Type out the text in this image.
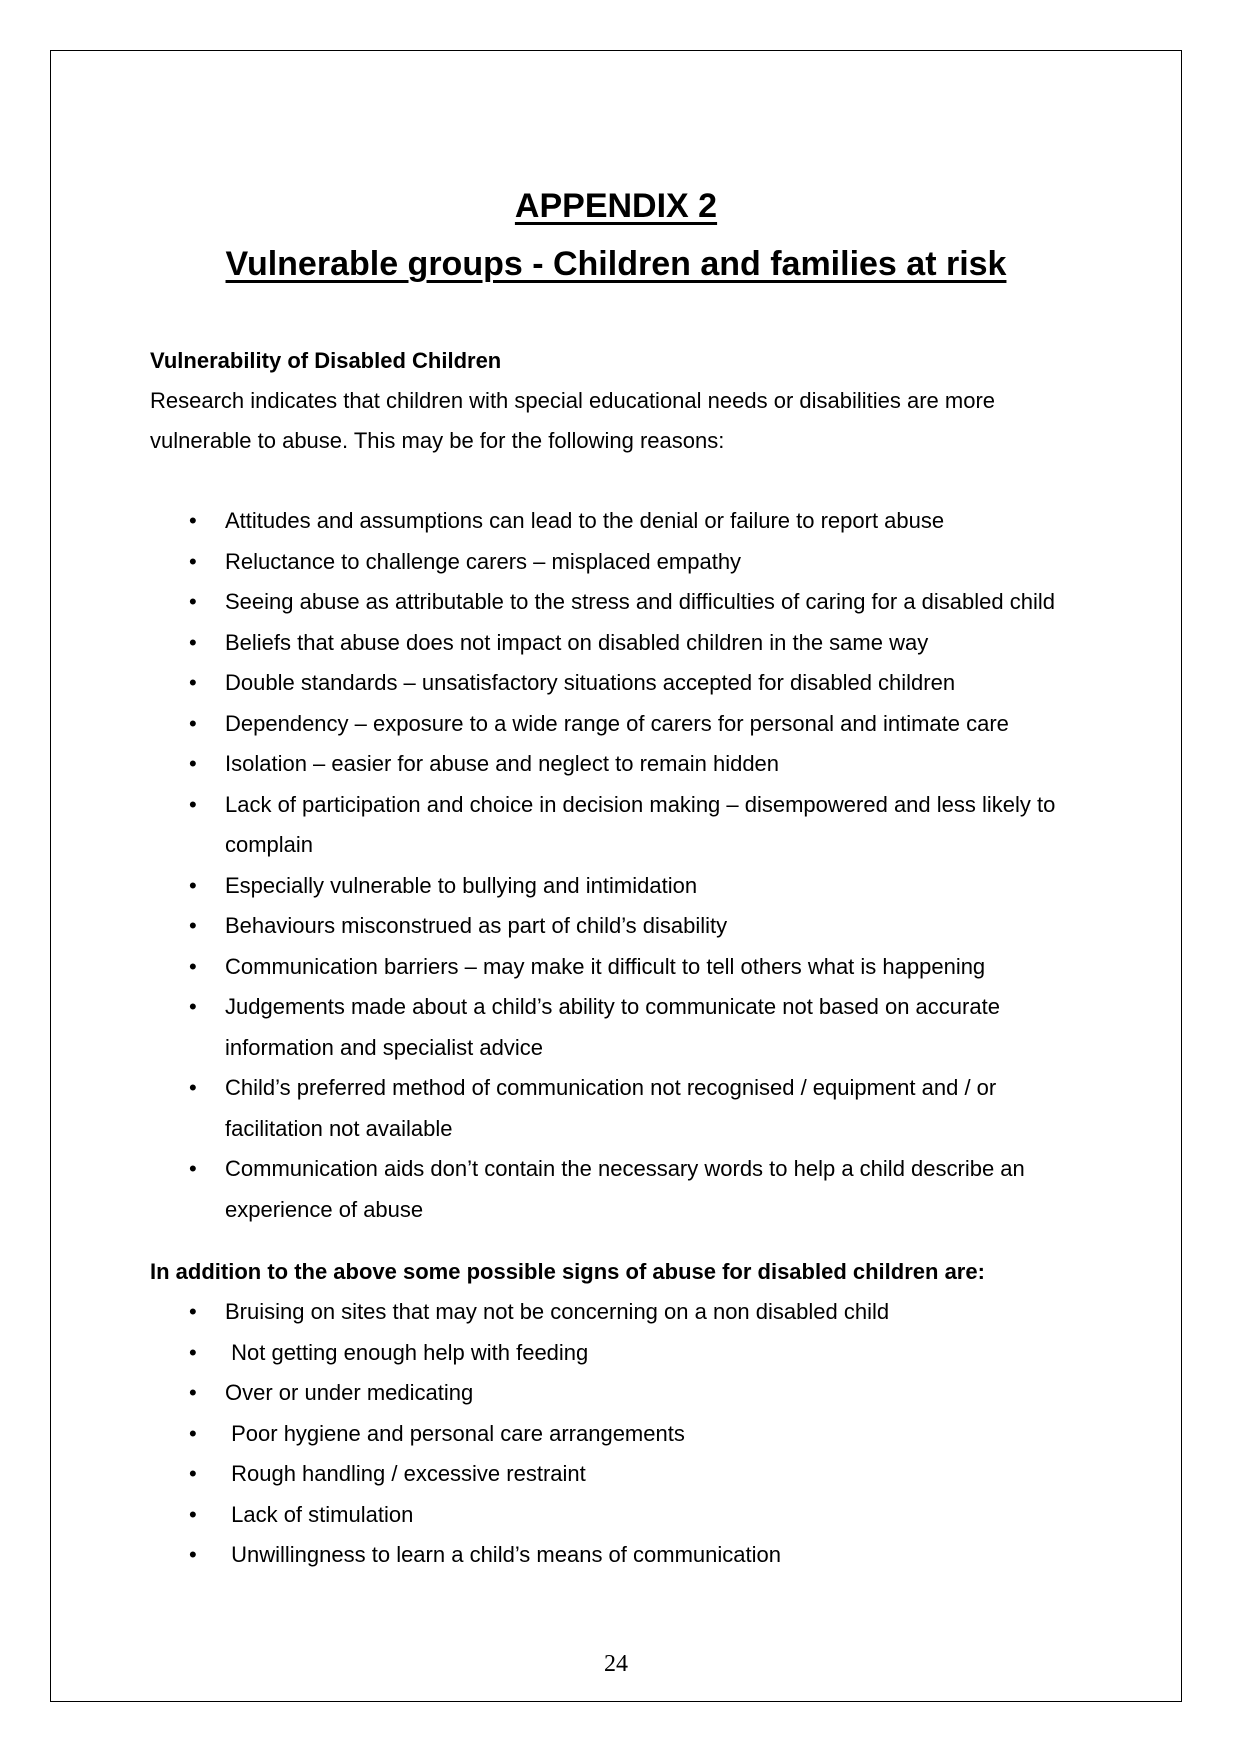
APPENDIX 2
Vulnerable groups - Children and families at risk

Vulnerability of Disabled Children

Research indicates that children with special educational needs or disabilities are more vulnerable to abuse. This may be for the following reasons:

•	Attitudes and assumptions can lead to the denial or failure to report abuse
•	Reluctance to challenge carers – misplaced empathy
•	Seeing abuse as attributable to the stress and difficulties of caring for a disabled child
•	Beliefs that abuse does not impact on disabled children in the same way
•	Double standards – unsatisfactory situations accepted for disabled children
•	Dependency – exposure to a wide range of carers for personal and intimate care
•	Isolation – easier for abuse and neglect to remain hidden
•	Lack of participation and choice in decision making – disempowered and less likely to complain
•	Especially vulnerable to bullying and intimidation
•	Behaviours misconstrued as part of child’s disability
•	Communication barriers – may make it difficult to tell others what is happening
•	Judgements made about a child’s ability to communicate not based on accurate information and specialist advice
•	Child’s preferred method of communication not recognised / equipment and / or facilitation not available
•	Communication aids don’t contain the necessary words to help a child describe an experience of abuse

In addition to the above some possible signs of abuse for disabled children are:

•	Bruising on sites that may not be concerning on a non disabled child
•	Not getting enough help with feeding
•	Over or under medicating
•	Poor hygiene and personal care arrangements
•	Rough handling / excessive restraint
•	Lack of stimulation
•	Unwillingness to learn a child’s means of communication
24
